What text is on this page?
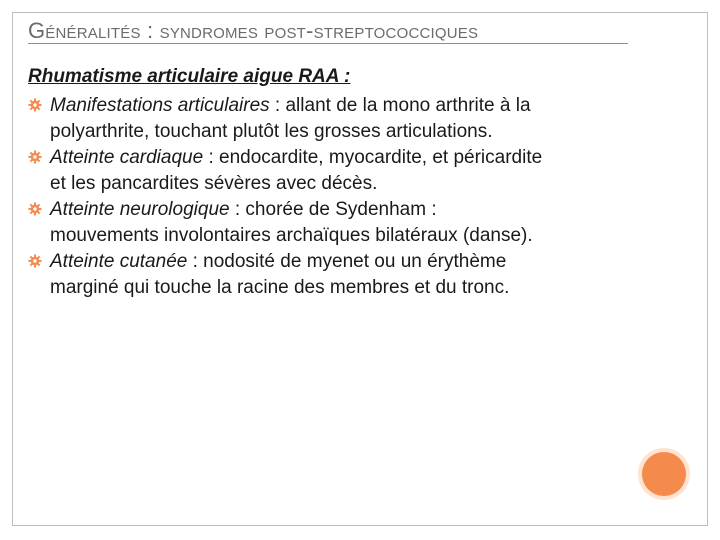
Généralités : syndromes post-streptococciques
Rhumatisme articulaire aigue RAA :
Manifestations articulaires : allant de la mono arthrite à la
polyarthrite, touchant plutôt les grosses articulations.
Atteinte cardiaque : endocardite, myocardite, et péricardite
et les pancardites sévères avec décès.
Atteinte neurologique : chorée de Sydenham :
mouvements involontaires archaïques bilatéraux (danse).
Atteinte cutanée : nodosité de myenet ou un érythème
marginé qui touche la racine des membres et du tronc.
